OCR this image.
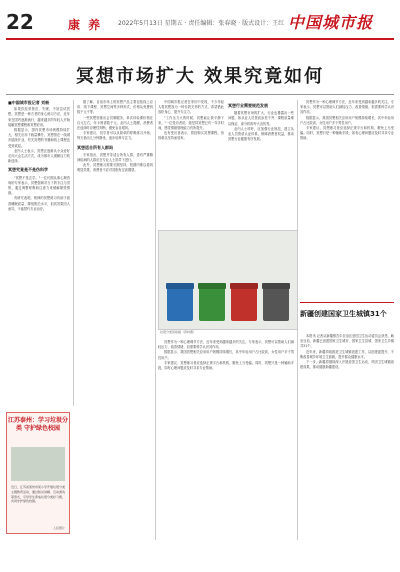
22	康 养	2022年5月13日 星期五 · 责任编辑：张春晓 · 版式设计：王红 中国城市报
冥想市场扩大 效果究竟如何
■中国城市报记者 刘畅

如果你经常焦虑、失眠，不妨尝试冥想。冥想是一种古老的身心练习方法，近年来在国内逐渐流行，越来越多的年轻人开始接触冥想课程和冥想应用。

数据显示，国内冥想市场规模持续扩大，相关应用下载量攀升，冥想馆在一线城市陆续开业，有关冥想的书籍和线上课程也受到欢迎。

业内人士表示，冥想正逐渐从小众爱好走向大众生活方式，成为都市人缓解压力的新选择。

冥想究竟是不是伪科学

"冥想不是玄学。"一位长期从事心理咨询的专家表示，冥想强调对当下的专注与觉察，通过调整呼吸和注意力来缓解紧张情绪。

有研究表明，规律的冥想练习有助于改善睡眠质量、降低焦虑水平，但其效果因人而异，不能替代专业治疗。

据了解，目前市场上的冥想产品主要包括线上应用、线下课程、冥想空间等多种形式，价格从免费到数千元不等。

一些冥想馆推出会员制服务，单次体验课价格在百元左右，年卡则需数千元。业内人士提醒，消费者在选择时应理性判断，避免盲目跟风。

专家建议，初学者可以从简单的呼吸练习开始，每天抽出几分钟静坐，逐步培养专注力。

冥想适合所有人群吗

专家指出，冥想并非适合所有人群，患有严重精神疾病的人群应在专业人士指导下进行。

此外，冥想练习需要长期坚持，短期内难以看到明显效果，消费者不应对其抱有过高期望。

中国城市报记者在采访中发现，不少年轻人将冥想视为一种自我关怀的方式，希望借此放松身心、提升专注力。

"工作压力大的时候，冥想能让我平静下来。"一位受访者说，她坚持冥想已有一年多时间，感觉情绪管理能力有所提升。

也有受访者表示，曾经购买冥想课程，但因难以坚持而放弃。

冥想行业需要规范发展

随着冥想市场的扩大，行业也暴露出一些问题，如从业人员资质参差不齐、课程质量难以保证、部分机构夸大宣传等。

业内人士呼吁，应加强行业规范，建立从业人员资质认证体系，保障消费者权益，推动冥想行业健康有序发展。

垃圾分类回收箱（资料图）

冥想作为一种心理调节方法，近年来受到越来越多的关注。专家表示，冥想可以帮助人们减轻压力、改善情绪，但需要科学认识其作用。

数据显示，我国冥想相关应用用户规模持续增长，其中年轻用户占比较高，女性用户多于男性用户。

专家建议，冥想练习者应选择正规平台和机构，避免上当受骗。同时，冥想只是一种辅助手段，如有心理问题应及时寻求专业帮助。

冥想作为一种心理调节方法，近年来受到越来越多的关注。专家表示，冥想可以帮助人们减轻压力、改善情绪，但需要科学认识其作用。

数据显示，我国冥想相关应用用户规模持续增长，其中年轻用户占比较高，女性用户多于男性用户。

专家建议，冥想练习者应选择正规平台和机构，避免上当受骗。同时，冥想只是一种辅助手段，如有心理问题应及时寻求专业帮助。

新疆创建国家卫生城镇31个

本报讯 记者从新疆维吾尔自治区爱国卫生运动委员会获悉，截至目前，新疆已创建国家卫生城市、国家卫生县城、国家卫生乡镇共31个。

近年来，新疆持续推进卫生城镇创建工作，以创建促提升，不断改善城乡环境卫生面貌，提升群众健康水平。

下一步，新疆将继续深入开展爱国卫生运动，巩固卫生城镇创建成果，推动健康新疆建设。

江苏泰州：学习垃圾分类 守护绿色校园
近日，江苏省泰州市某小学开展垃圾分类主题教育活动，通过知识讲解、互动游戏等形式，引导学生养成垃圾分类好习惯，共同守护绿色校园。
人民图片
